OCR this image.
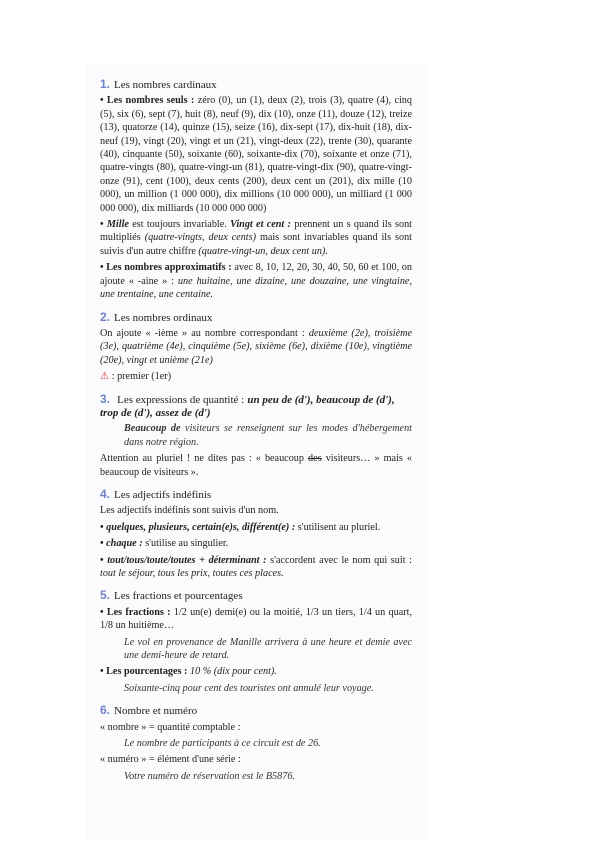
1. Les nombres cardinaux

• Les nombres seuls : zéro (0), un (1), deux (2), trois (3), quatre (4), cinq (5), six (6), sept (7), huit (8), neuf (9), dix (10), onze (11), douze (12), treize (13), quatorze (14), quinze (15), seize (16), dix-sept (17), dix-huit (18), dix-neuf (19), vingt (20), vingt et un (21), vingt-deux (22), trente (30), quarante (40), cinquante (50), soixante (60), soixante-dix (70), soixante et onze (71), quatre-vingts (80), quatre-vingt-un (81), quatre-vingt-dix (90), quatre-vingt-onze (91), cent (100), deux cents (200), deux cent un (201), dix mille (10 000), un million (1 000 000), dix millions (10 000 000), un milliard (1 000 000 000), dix milliards (10 000 000 000)

• Mille est toujours invariable. Vingt et cent : prennent un s quand ils sont multipliés (quatre-vingts, deux cents) mais sont invariables quand ils sont suivis d'un autre chiffre (quatre-vingt-un, deux cent un).

• Les nombres approximatifs : avec 8, 10, 12, 20, 30, 40, 50, 60 et 100, on ajoute « -aine » : une huitaine, une dizaine, une douzaine, une vingtaine, une trentaine, une centaine.

2. Les nombres ordinaux

On ajoute « -ième » au nombre correspondant : deuxième (2e), troisième (3e), quatrième (4e), cinquième (5e), sixième (6e), dixième (10e), vingtième (20e), vingt et unième (21e)

⚠ : premier (1er)

3. Les expressions de quantité : un peu de (d'), beaucoup de (d'), trop de (d'), assez de (d')

Beaucoup de visiteurs se renseignent sur les modes d'hébergement dans notre région.

Attention au pluriel ! ne dites pas : « beaucoup des visiteurs… » mais « beaucoup de visiteurs ».

4. Les adjectifs indéfinis

Les adjectifs indéfinis sont suivis d'un nom.

• quelques, plusieurs, certain(e)s, différent(e) : s'utilisent au pluriel.

• chaque : s'utilise au singulier.

• tout/tous/toute/toutes + déterminant : s'accordent avec le nom qui suit : tout le séjour, tous les prix, toutes ces places.

5. Les fractions et pourcentages

• Les fractions : 1/2 un(e) demi(e) ou la moitié, 1/3 un tiers, 1/4 un quart, 1/8 un huitième…

Le vol en provenance de Manille arrivera à une heure et demie avec une demi-heure de retard.

• Les pourcentages : 10 % (dix pour cent).

Soixante-cinq pour cent des touristes ont annulé leur voyage.

6. Nombre et numéro

« nombre » = quantité comptable :

Le nombre de participants à ce circuit est de 26.

« numéro » = élément d'une série :

Votre numéro de réservation est le B5876.
